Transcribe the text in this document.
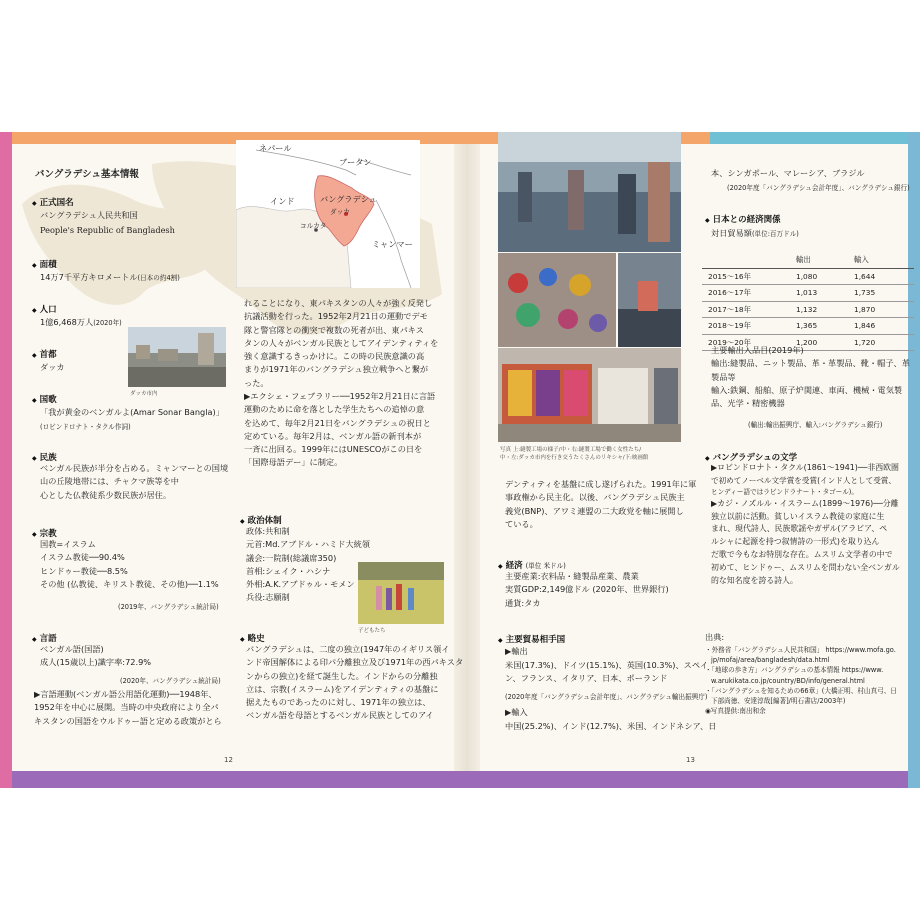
バングラデシュ基本情報
ネパール
ブータン
インド	バングラデシュ
ダッカ
コルカタ
ミャンマー
◆ 正式国名
バングラデシュ人民共和国
People's Republic of Bangladesh
◆ 面積
14万7千平方キロメートル(日本の約4割)
◆ 人口
1億6,468万人(2020年)
ダッカ市内
◆ 首都
ダッカ
◆ 国歌
「我が黄金のベンガルよ(Amar Sonar Bangla)」
(ロビンドロナト・タクル作詞)
◆ 民族
ベンガル民族が半分を占める。ミャンマーとの国境
山の丘陵地帯には、チャクマ族等を中
心とした仏教徒系少数民族が居住。
◆ 宗教
国教=イスラム
イスラム教徒──90.4%
ヒンドゥー教徒──8.5%
その他 (仏教徒、キリスト教徒、その他)──1.1%
(2019年、バングラデシュ統計局)
◆ 言語
ベンガル語(国語)
成人(15歳以上)識字率:72.9%
(2020年、バングラデシュ統計局)
▶言語運動(ベンガル語公用語化運動)──1948年、
1952年を中心に展開。当時の中央政府により全パ
キスタンの国語をウルドゥー語と定める政策がとら
れることになり、東パキスタンの人々が強く反発し
抗議活動を行った。1952年2月21日の運動でデモ
隊と警官隊との衝突で複数の死者が出、東パキス
タンの人々がベンガル民族としてアイデンティティを
強く意識するきっかけに。この時の民族意識の高
まりが1971年のバングラデシュ独立戦争へと繋が
った。
▶エクシェ・フェブラリー──1952年2月21日に言語
運動のために命を落とした学生たちへの追悼の意
を込めて、毎年2月21日をバングラデシュの祝日と
定めている。毎年2月は、ベンガル語の新刊本が
一斉に出回る。1999年にはUNESCOがこの日を
「国際母語デー」に制定。
◆ 政治体制
政体:共和制
元首:Md.アブドル・ハミド大統領
議会:一院制(総議席350)
首相:シェイク・ハシナ
外相:A.K.アブドゥル・モメン
兵役:志願制
子どもたち
◆ 略史
バングラデシュは、二度の独立(1947年のイギリス領イ
ンド帝国解体による印パ分離独立及び1971年の西パキスタ
ンからの独立)を経て誕生した。インドからの分離独
立は、宗教(イスラーム)をアイデンティティの基盤に
据えたものであったのに対し、1971年の独立は、
ベンガル語を母語とするベンガル民族としてのアイ
12
写真 上:縫製工場の様子/中・右:縫製工場で働く女性たち/
中・左:ダッカ市内を行き交うたくさんのリキシャ/下:映画館
デンティティを基盤に成し遂げられた。1991年に軍
事政権から民主化。以後、バングラデシュ民族主
義党(BNP)、アワミ連盟の二大政党を軸に展開し
ている。
◆ 経済 (単位 米ドル)
主要産業:衣料品・縫製品産業、農業
実質GDP:2,149億ドル (2020年、世界銀行)
通貨:タカ
◆ 主要貿易相手国
▶輸出
米国(17.3%)、ドイツ(15.1%)、英国(10.3%)、スペイ
ン、フランス、イタリア、日本、ポーランド
(2020年度「バングラデシュ会計年度」、バングラデシュ輸出振興庁)
▶輸入
中国(25.2%)、インド(12.7%)、米国、インドネシア、日
13
本、シンガポール、マレーシア、ブラジル
(2020年度「バングラデシュ会計年度」、バングラデシュ銀行)
◆ 日本との経済関係
対日貿易額(単位:百万ドル)
	輸出	輸入
2015〜16年	1,080	1,644
2016〜17年	1,013	1,735
2017〜18年	1,132	1,870
2018〜19年	1,365	1,846
2019〜20年	1,200	1,720
主要輸出入品目(2019年)
輸出:縫製品、ニット製品、革・革製品、靴・帽子、革
製品等
輸入:鉄鋼、船舶、原子炉関連、車両、機械・電気製
品、光学・精密機器
(輸出:輸出振興庁、輸入:バングラデシュ銀行)
◆ バングラデシュの文学
▶ロビンドロナト・タクル(1861〜1941)──非西欧圏
で初めてノーベル文学賞を受賞(インド人として受賞、
ヒンディー語ではラビンドラナート・タゴール)。
▶カジ・ノズルル・イスラーム(1899〜1976)──分離
独立以前に活動。貧しいイスラム教徒の家庭に生
まれ、現代詩人、民族歌謡やガザル(アラビア、ペ
ルシャに起源を持つ叙情詩の一形式)を取り込ん
だ歌で今もなお特別な存在。ムスリム文学者の中で
初めて、ヒンドゥー、ムスリムを問わない全ベンガル
的な知名度を誇る詩人。
出典:
・外務省「バングラデシュ人民共和国」 https://www.mofa.go.
jp/mofaj/area/bangladesh/data.html
・「地球の歩き方」バングラデシュの基本情報 https://www.
w.arukikata.co.jp/country/BD/info/general.html
・「バングラデシュを知るための66章」(大橋正明、村山真弓、日
下部尚徳、安達淳哉[編著]/明石書店/2003年)
◉写真提供:南出和余
